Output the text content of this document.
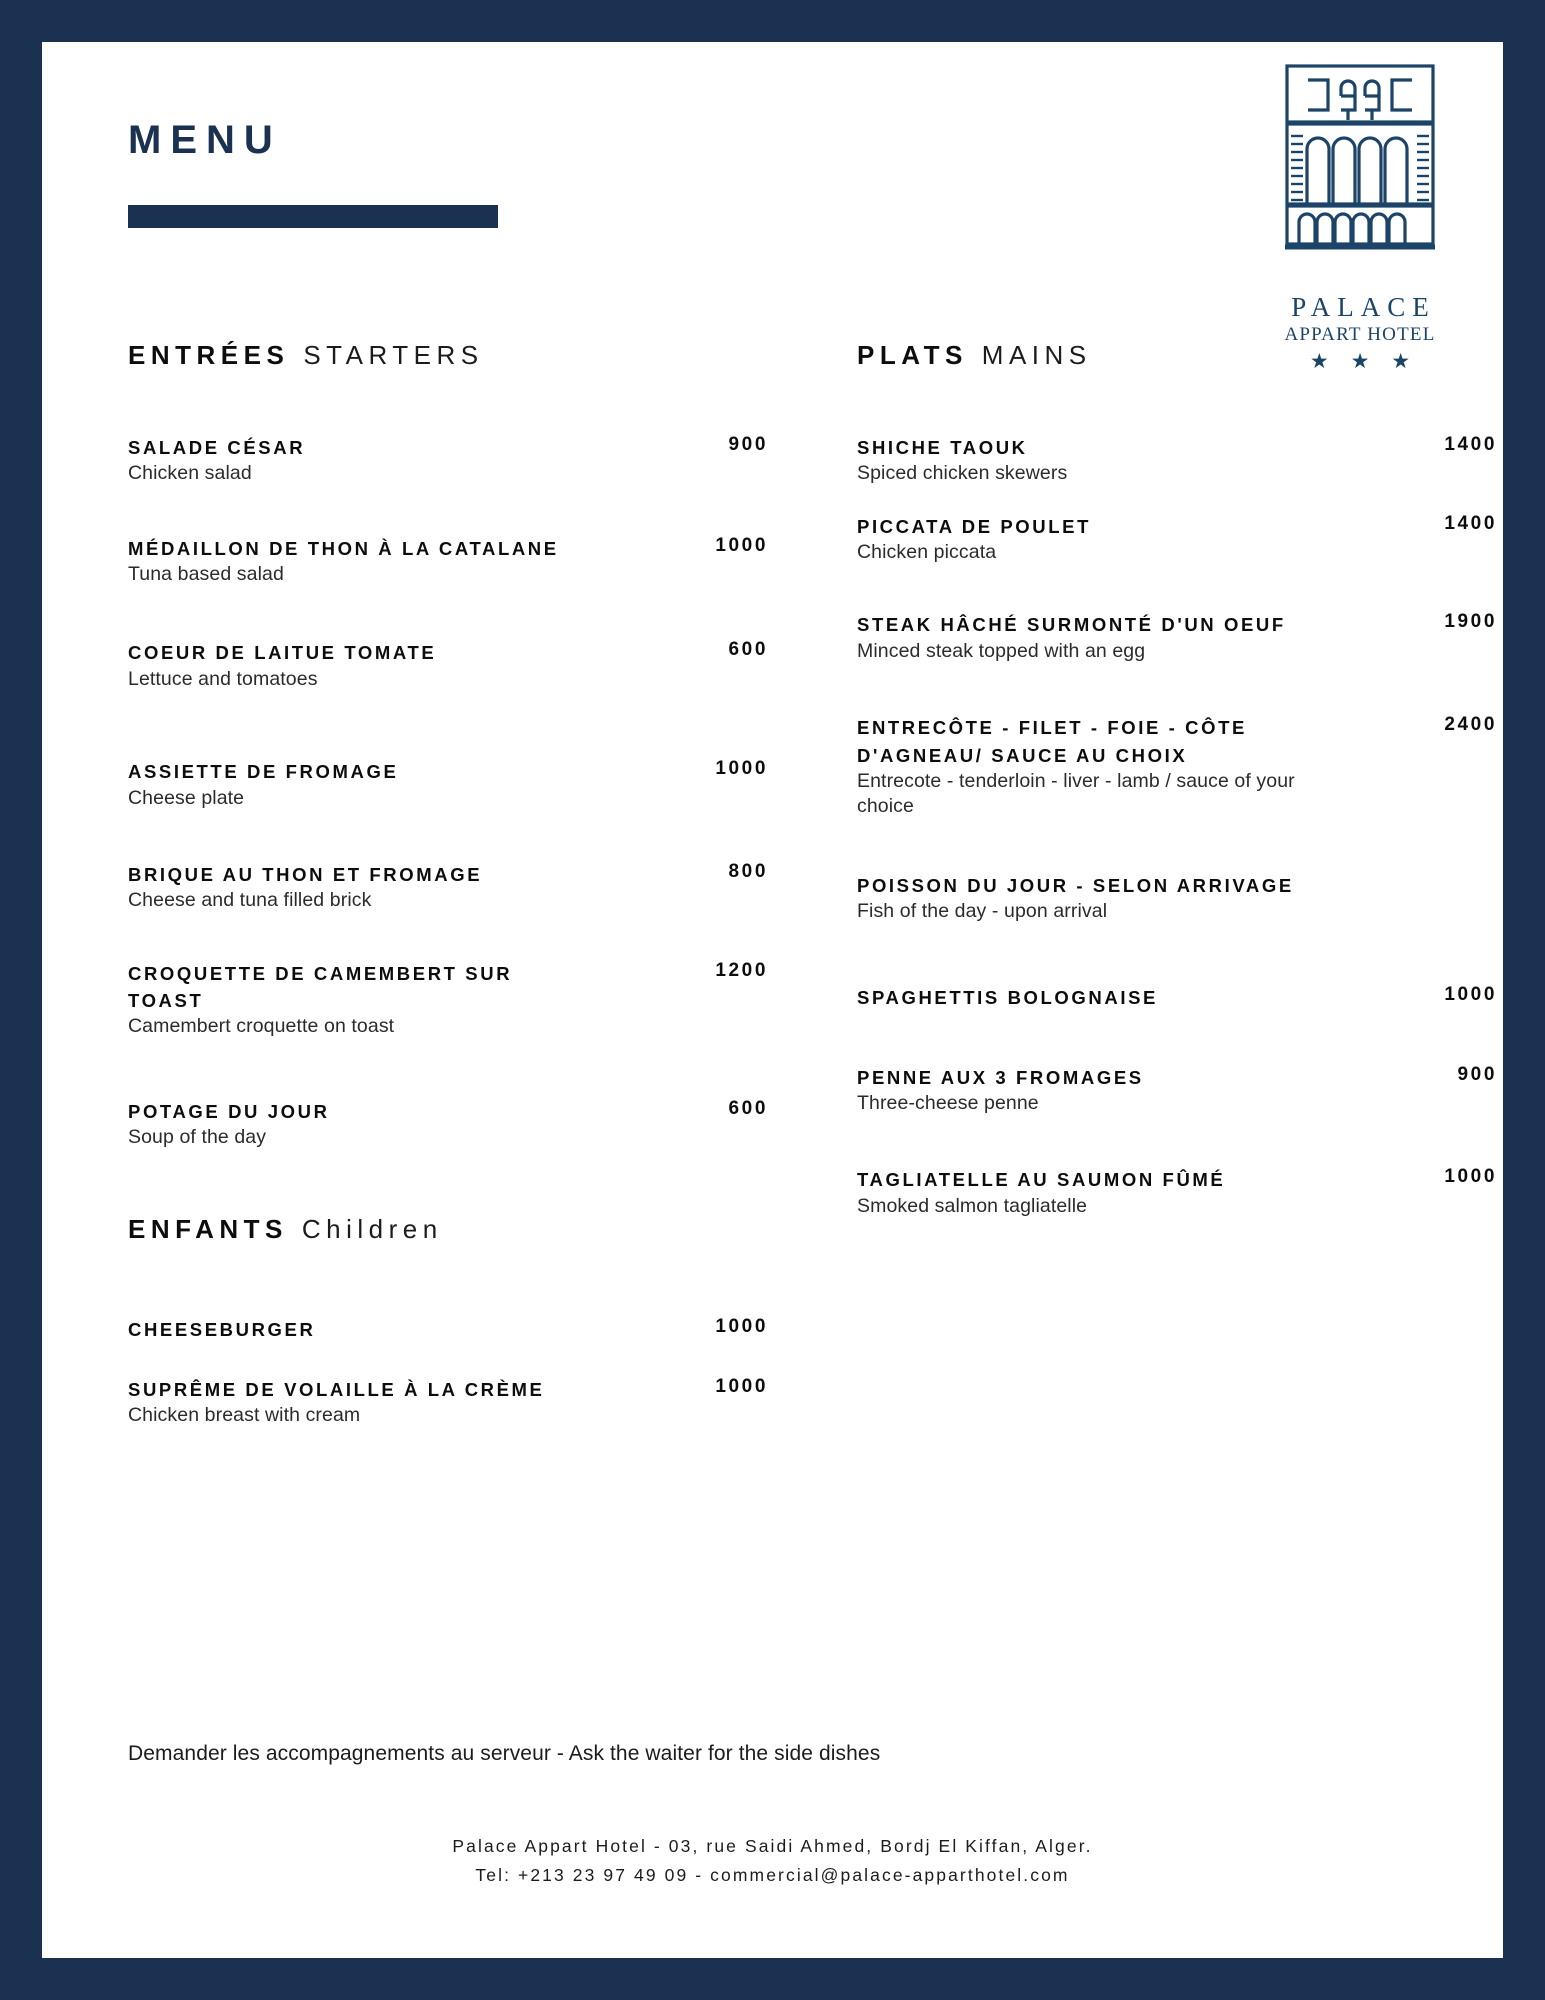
MENU
PALACE
APPART HOTEL
★ ★ ★
ENTRÉES STARTERS
SALADE CÉSAR
Chicken salad
900
MÉDAILLON DE THON À LA CATALANE
Tuna based salad
1000
COEUR DE LAITUE TOMATE
Lettuce and tomatoes
600
ASSIETTE DE FROMAGE
Cheese plate
1000
BRIQUE AU THON ET FROMAGE
Cheese and tuna filled brick
800
CROQUETTE DE CAMEMBERT SUR TOAST
Camembert croquette on toast
1200
POTAGE DU JOUR
Soup of the day
600
ENFANTS Children
CHEESEBURGER	1000
SUPRÊME DE VOLAILLE À LA CRÈME
Chicken breast with cream
1000
PLATS MAINS
SHICHE TAOUK
Spiced chicken skewers
1400
PICCATA DE POULET
Chicken piccata
1400
STEAK HÂCHÉ SURMONTÉ D'UN OEUF
Minced steak topped with an egg
1900
ENTRECÔTE - FILET - FOIE - CÔTE D'AGNEAU/ SAUCE AU CHOIX
Entrecote - tenderloin - liver - lamb / sauce of your choice
2400
POISSON DU JOUR - SELON ARRIVAGE
Fish of the day - upon arrival
SPAGHETTIS BOLOGNAISE	1000
PENNE AUX 3 FROMAGES
Three-cheese penne
900
TAGLIATELLE AU SAUMON FÛMÉ
Smoked salmon tagliatelle
1000
Demander les accompagnements au serveur - Ask the waiter for the side dishes
Palace Appart Hotel - 03, rue Saidi Ahmed, Bordj El Kiffan, Alger.
Tel: +213 23 97 49 09 - commercial@palace-apparthotel.com
